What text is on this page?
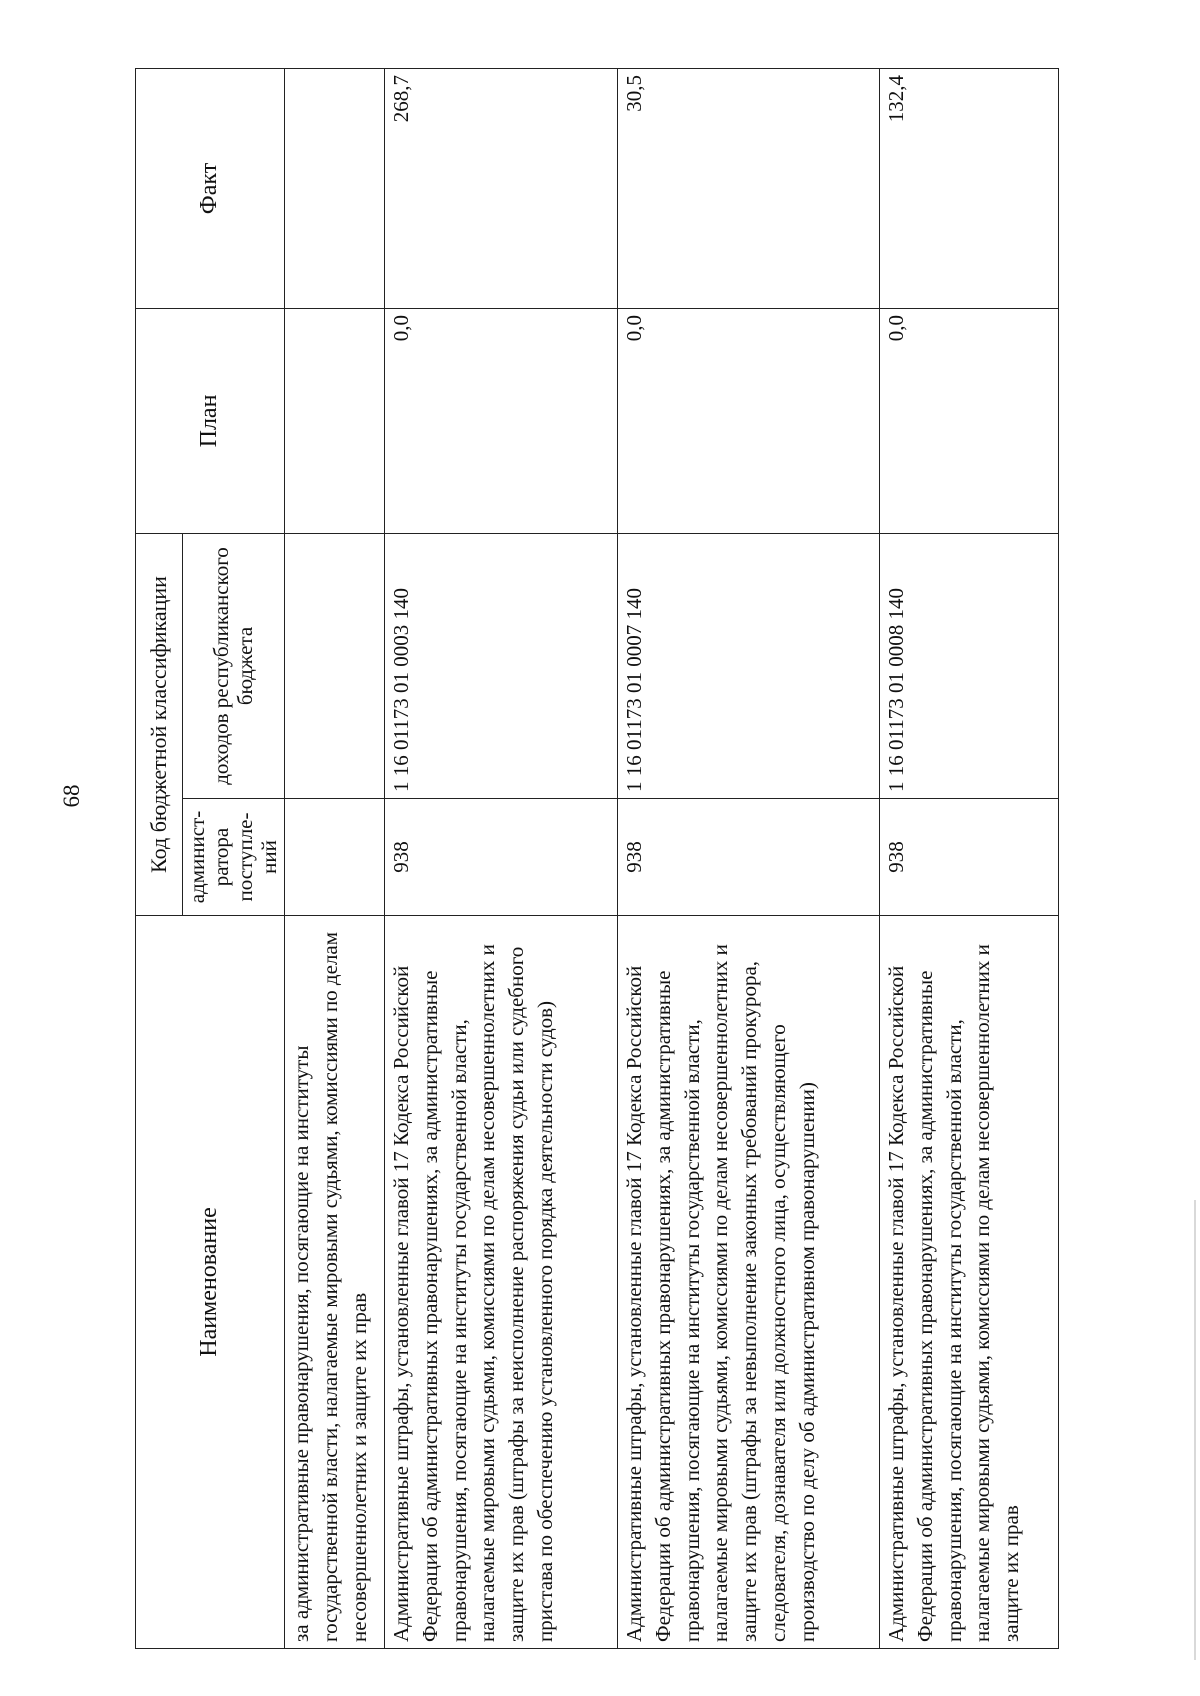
68
Наименование	Код бюджетной классификации		План	Факт
	админист-ратора поступле-ний	доходов республиканского бюджета		
за административные правонарушения, посягающие на институты государственной власти, налагаемые мировыми судьями, комиссиями по делам несовершеннолетних и защите их прав				
Административные штрафы, установленные главой 17 Кодекса Российской Федерации об административных правонарушениях, за административные правонарушения, посягающие на институты государственной власти, налагаемые мировыми судьями, комиссиями по делам несовершеннолетних и защите их прав (штрафы за неисполнение распоряжения судьи или судебного пристава по обеспечению установленного порядка деятельности судов)	938	1 16 01173 01 0003 140	0,0	268,7
Административные штрафы, установленные главой 17 Кодекса Российской Федерации об административных правонарушениях, за административные правонарушения, посягающие на институты государственной власти, налагаемые мировыми судьями, комиссиями по делам несовершеннолетних и защите их прав (штрафы за невыполнение законных требований прокурора, следователя, дознавателя или должностного лица, осуществляющего производство по делу об административном правонарушении)	938	1 16 01173 01 0007 140	0,0	30,5
Административные штрафы, установленные главой 17 Кодекса Российской Федерации об административных правонарушениях, за административные правонарушения, посягающие на институты государственной власти, налагаемые мировыми судьями, комиссиями по делам несовершеннолетних и защите их прав	938	1 16 01173 01 0008 140	0,0	132,4
